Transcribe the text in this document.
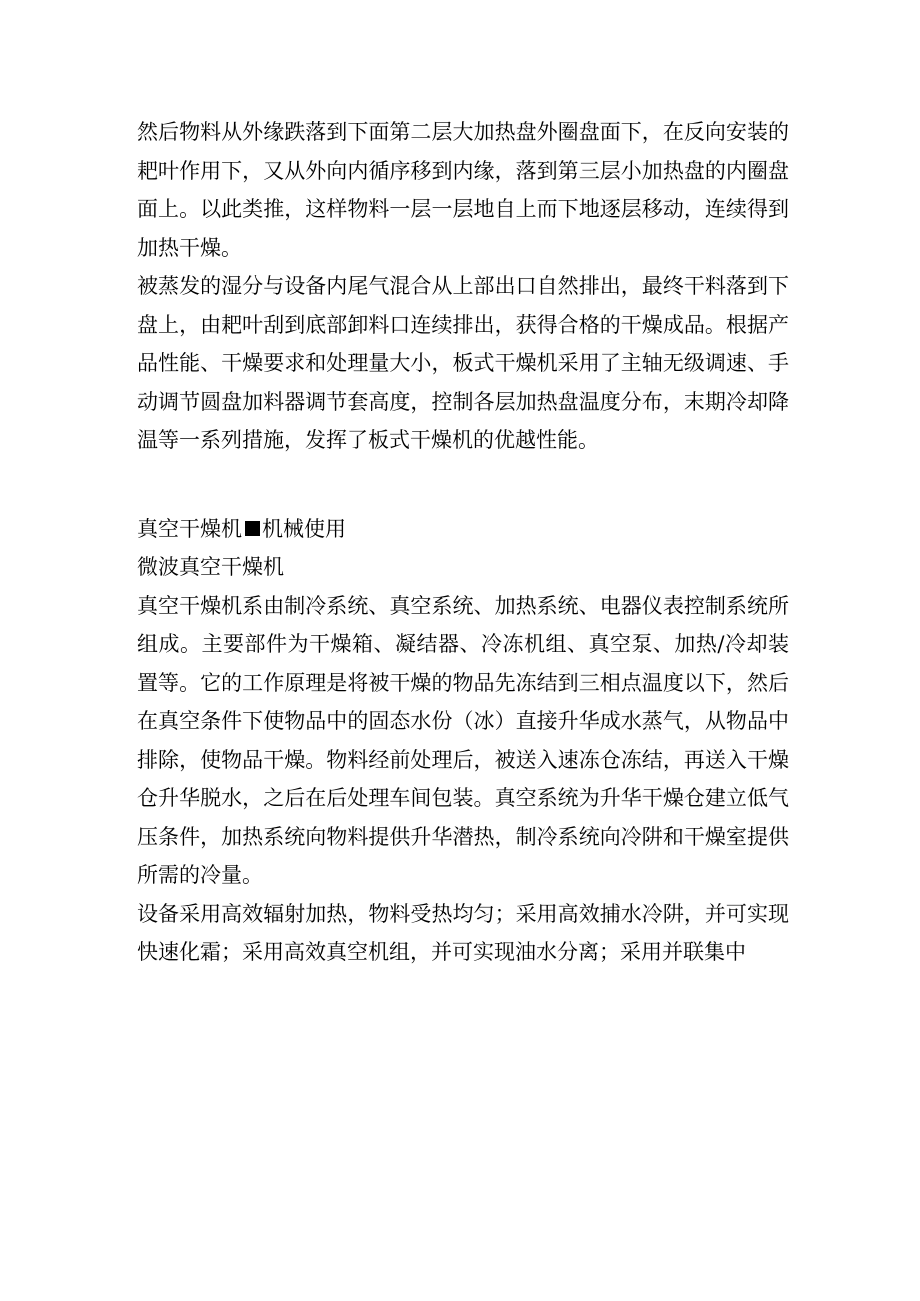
然后物料从外缘跌落到下面第二层大加热盘外圈盘面下，在反向安装的耙叶作用下，又从外向内循序移到内缘，落到第三层小加热盘的内圈盘面上。以此类推，这样物料一层一层地自上而下地逐层移动，连续得到加热干燥。

被蒸发的湿分与设备内尾气混合从上部出口自然排出，最终干料落到下盘上，由耙叶刮到底部卸料口连续排出，获得合格的干燥成品。根据产品性能、干燥要求和处理量大小，板式干燥机采用了主轴无级调速、手动调节圆盘加料器调节套高度，控制各层加热盘温度分布，末期冷却降温等一系列措施，发挥了板式干燥机的优越性能。

真空干燥机 机械使用

微波真空干燥机

真空干燥机系由制冷系统、真空系统、加热系统、电器仪表控制系统所组成。主要部件为干燥箱、凝结器、冷冻机组、真空泵、加热/冷却装置等。它的工作原理是将被干燥的物品先冻结到三相点温度以下，然后在真空条件下使物品中的固态水份（冰）直接升华成水蒸气，从物品中排除，使物品干燥。物料经前处理后，被送入速冻仓冻结，再送入干燥仓升华脱水，之后在后处理车间包装。真空系统为升华干燥仓建立低气压条件，加热系统向物料提供升华潜热，制冷系统向冷阱和干燥室提供所需的冷量。

设备采用高效辐射加热，物料受热均匀；采用高效捕水冷阱，并可实现快速化霜；采用高效真空机组，并可实现油水分离；采用并联集中
